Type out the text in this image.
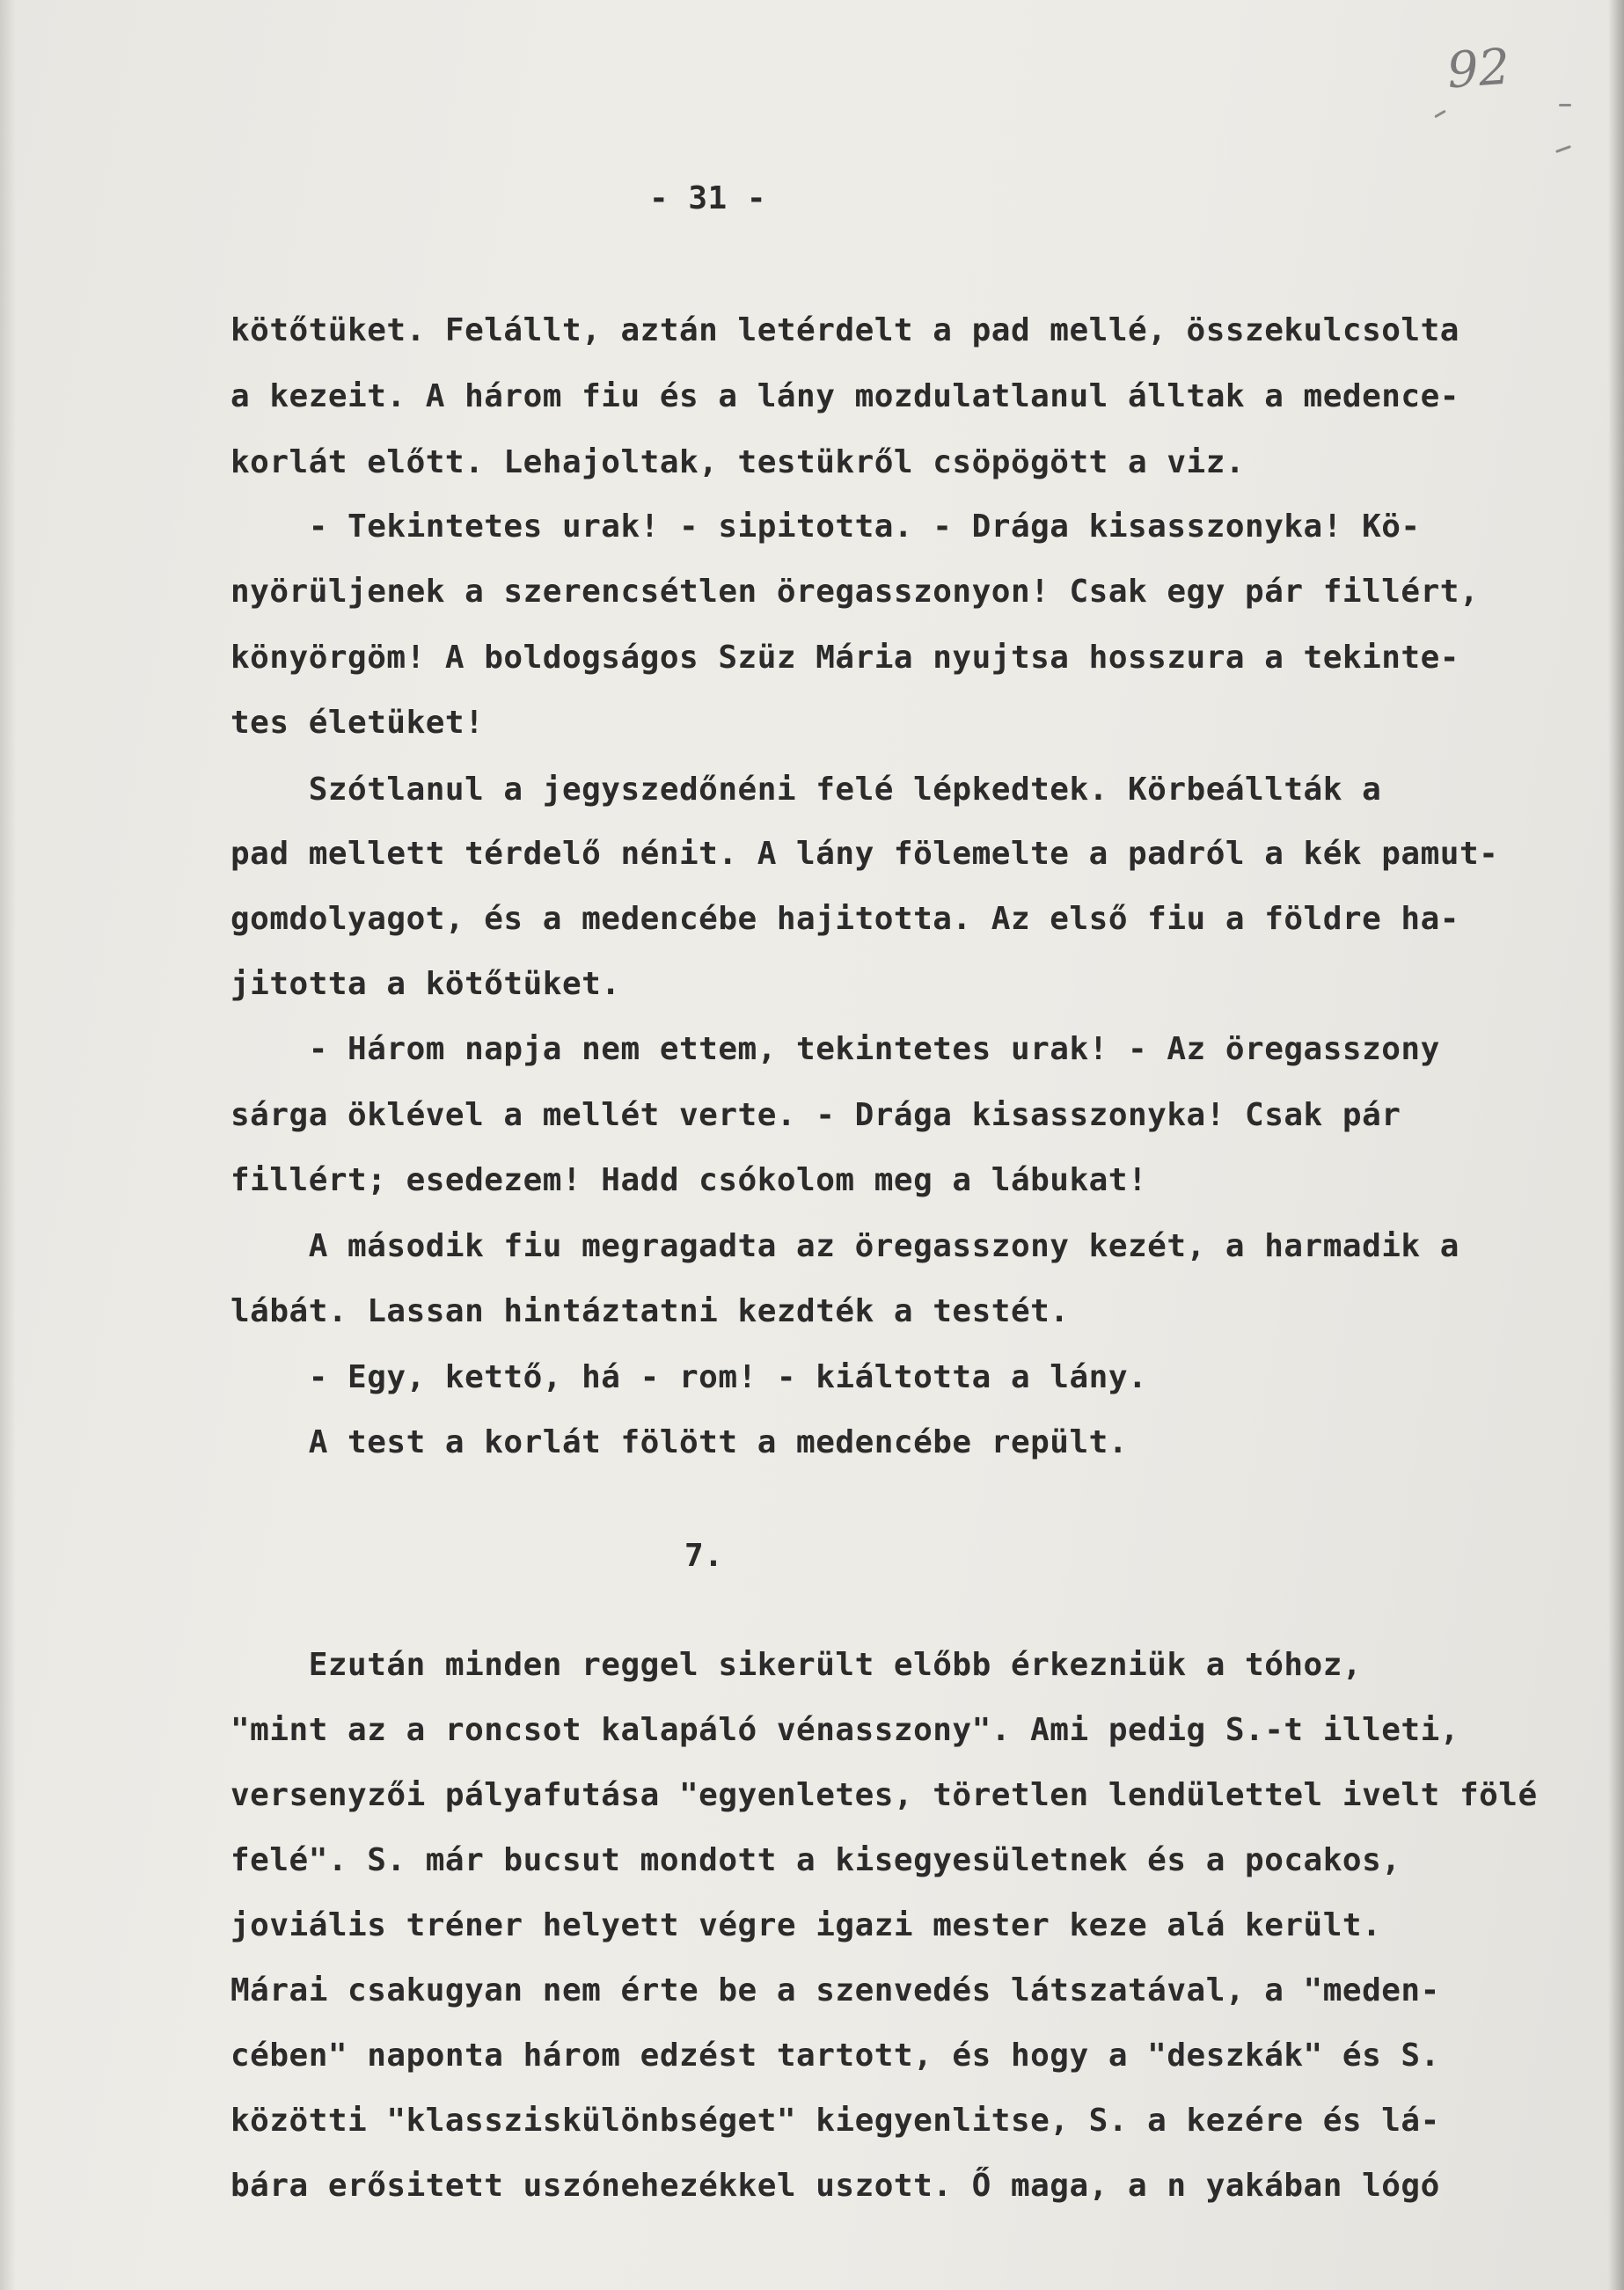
92
- 31 -
kötőtüket. Felállt, aztán letérdelt a pad mellé, összekulcsolta
a kezeit. A három fiu és a lány mozdulatlanul álltak a medence-
korlát előtt. Lehajoltak, testükről csöpögött a viz.
- Tekintetes urak! - sipitotta. - Drága kisasszonyka! Kö-
nyörüljenek a szerencsétlen öregasszonyon! Csak egy pár fillért,
könyörgöm! A boldogságos Szüz Mária nyujtsa hosszura a tekinte-
tes életüket!
Szótlanul a jegyszedőnéni felé lépkedtek. Körbeállták a
pad mellett térdelő nénit. A lány fölemelte a padról a kék pamut-
gomdolyagot, és a medencébe hajitotta. Az első fiu a földre ha-
jitotta a kötőtüket.
- Három napja nem ettem, tekintetes urak! - Az öregasszony
sárga öklével a mellét verte. - Drága kisasszonyka! Csak pár
fillért; esedezem! Hadd csókolom meg a lábukat!
A második fiu megragadta az öregasszony kezét, a harmadik a
lábát. Lassan hintáztatni kezdték a testét.
- Egy, kettő, há - rom! - kiáltotta a lány.
A test a korlát fölött a medencébe repült.
7.
Ezután minden reggel sikerült előbb érkezniük a tóhoz,
"mint az a roncsot kalapáló vénasszony". Ami pedig S.-t illeti,
versenyzői pályafutása "egyenletes, töretlen lendülettel ivelt fölé
felé". S. már bucsut mondott a kisegyesületnek és a pocakos,
joviális tréner helyett végre igazi mester keze alá került.
Márai csakugyan nem érte be a szenvedés látszatával, a "meden-
cében" naponta három edzést tartott, és hogy a "deszkák" és S.
közötti "klassziskülönbséget" kiegyenlitse, S. a kezére és lá-
bára erősitett uszónehezékkel uszott. Ő maga, a n yakában lógó
